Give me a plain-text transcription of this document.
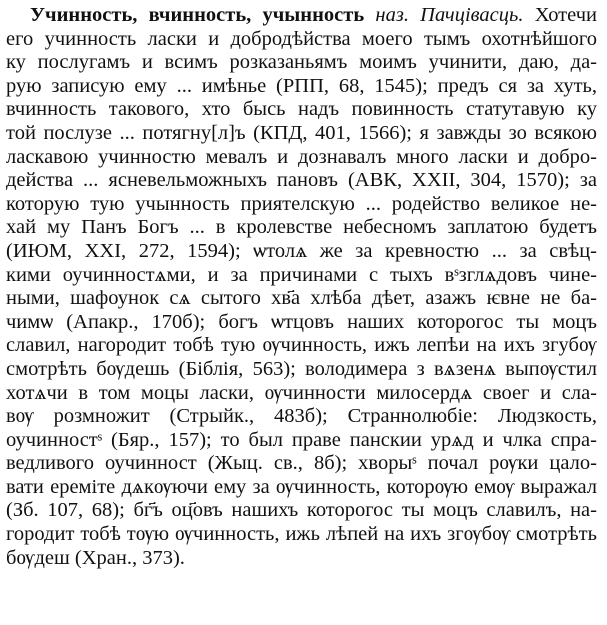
Учинность, вчинность, учынность наз. Пачцівасць. Хотечи
его учинность ласки и добродѣйства моего тымъ охотнѣйшого
ку послугамъ и всимъ розказаньямъ моимъ учинити, даю, да-
рую записую ему ... имѣнье (РПП, 68, 1545); предъ ся за хуть,
вчинность такового, хто бысь надъ повинность статутавую ку
той послузе ... потягну[л]ъ (КПД, 401, 1566); я завжды зо всякою
ласкавою учинностю мевалъ и дознавалъ много ласки и добро-
действа ... ясневельможныхъ пановъ (АВК, XXII, 304, 1570); за
которую тую учынность приятелскую ... родейство великое не-
хай му Панъ Богъ ... в кролевстве небесномъ заплатою будетъ
(ИЮМ, XXI, 272, 1594); ѡтолѧ же за кревностю ... за свѣц-
кими оучинностѧми, и за причинами с тыхъ вˢзглѧдовъ чине-
ными, шафоунок сѧ сытого хв҃а хлѣба дѣет, азажъ ѥвне не ба-
чимѡ (Апакр., 170б); богъ ѡтцовъ наших которогос ты моцъ
славил, нагородит тобѣ тую ѹчинность, ижъ лепѣи на ихъ згубѹ
смотрѣть бѹдешь (Біблія, 563); володимера з вѧзенѧ выпѹстил
хотѧчи в том моцы ласки, ѹчинности милосердѧ своег и сла-
вѹ розмножит (Стрыйк., 483б); Страннолюбіе: Людзкость,
оучинностˢ (Бяр., 157); то был праве панскии урѧд и члка спра-
ведливого оучинност (Жыц. св., 8б); хворыˢ почал рѹки цало-
вати ереміте дѧкѹючи ему за ѹчинность, которѹю емѹ выражал
(Зб. 107, 68); бг҃ъ оц҃овъ нашихъ которогос ты моцъ славилъ, на-
городит тобѣ тѹю ѹчинность, ижь лѣпей на ихъ згѹбѹ смотрѣть
бѹдеш (Хран., 373).
